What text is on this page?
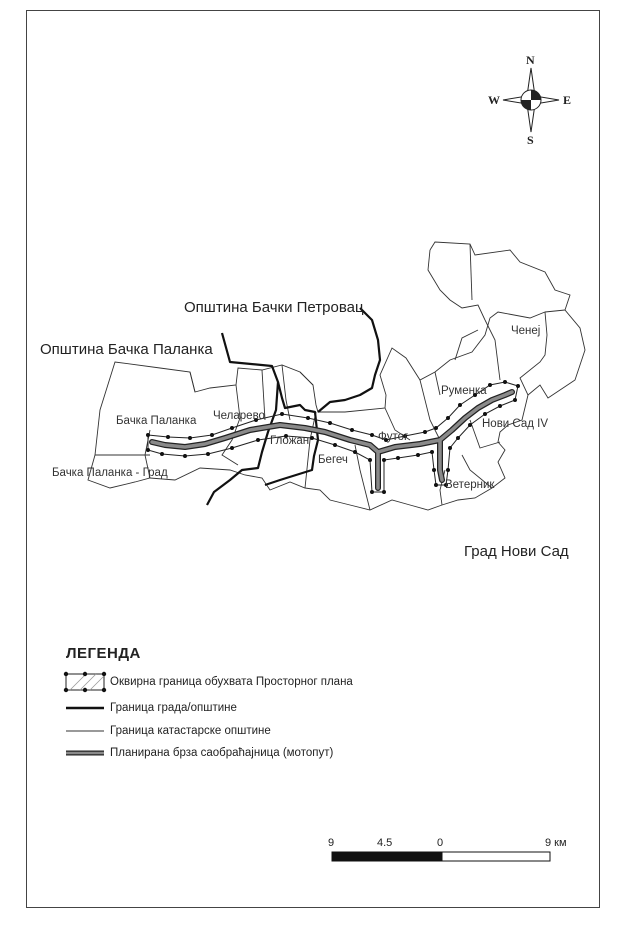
N
S
E
W
Општина Бачки Петровац
Општина Бачка Паланка
Град Нови Сад
Бачка Паланка
Бачка Паланка - Град
Челарево
Гложан
Бегеч
Футог
Руменка
Нови Сад IV
Ветерник
Ченеј
ЛЕГЕНДА
Оквирна граница обухвата Просторног плана
Граница града/општине
Граница катастарске општине
Планирана брза саобраћајница (мотопут)
9	4.5	0	9 км
